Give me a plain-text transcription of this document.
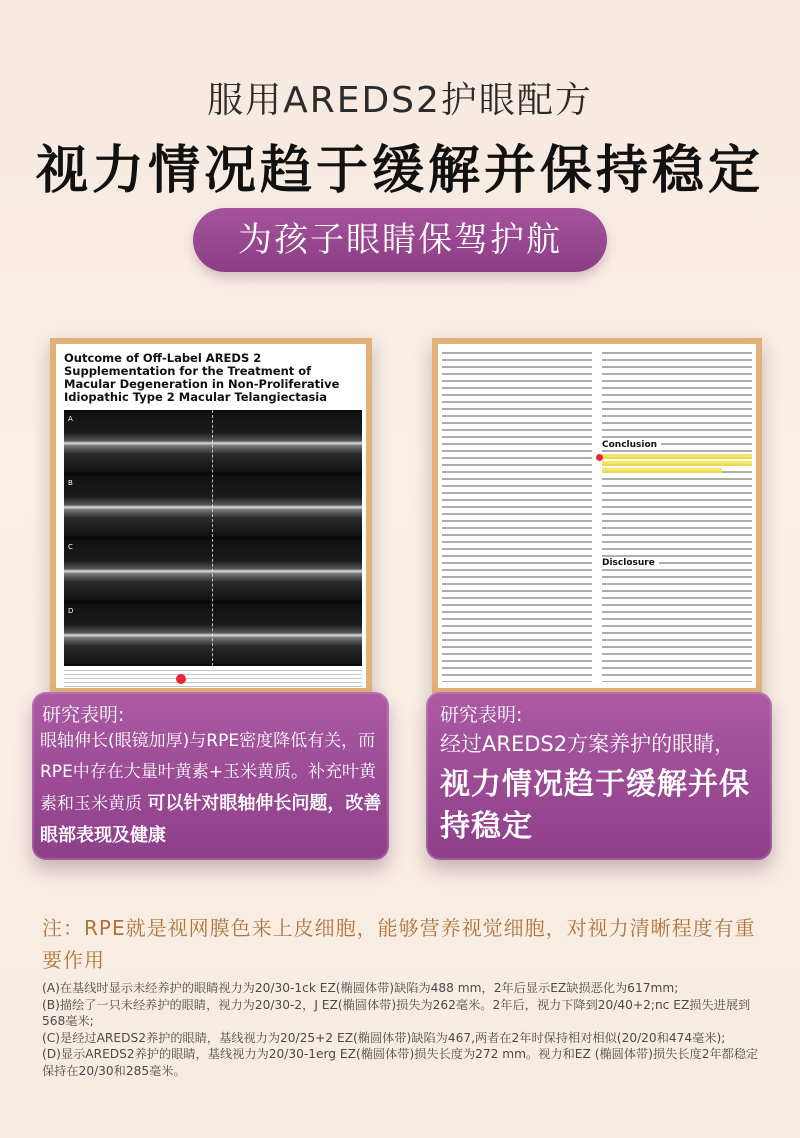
服用AREDS2护眼配方
视力情况趋于缓解并保持稳定
为孩子眼睛保驾护航
Outcome of Off-Label AREDS 2 Supplementation for the Treatment of Macular Degeneration in Non-Proliferative Idiopathic Type 2 Macular Telangiectasia
A
B
C
D
Conclusion
Disclosure
研究表明:
眼轴伸长(眼镜加厚)与RPE密度降低有关，而RPE中存在大量叶黄素+玉米黄质。补充叶黄素和玉米黄质 可以针对眼轴伸长问题，改善眼部表现及健康
研究表明:
经过AREDS2方案养护的眼睛，
视力情况趋于缓解并保持稳定
注：RPE就是视网膜色来上皮细胞，能够营养视觉细胞，对视力清晰程度有重要作用

(A)在基线时显示未经养护的眼睛视力为20/30-1ck EZ(椭圆体带)缺陷为488 mm，2年后显示EZ缺损恶化为617mm;

(B)描绘了一只未经养护的眼睛，视力为20/30-2，J EZ(椭圆体带)损失为262毫米。2年后，视力下降到20/40+2;nc EZ损失进展到568毫米;

(C)是经过AREDS2养护的眼睛，基线视力为20/25+2 EZ(椭圆体带)缺陷为467,两者在2年时保持相对相似(20/20和474毫米);

(D)显示AREDS2养护的眼睛，基线视力为20/30-1erg EZ(椭圆体带)损失长度为272 mm。视力和EZ (椭圆体带)损失长度2年都稳定保持在20/30和285毫米。
